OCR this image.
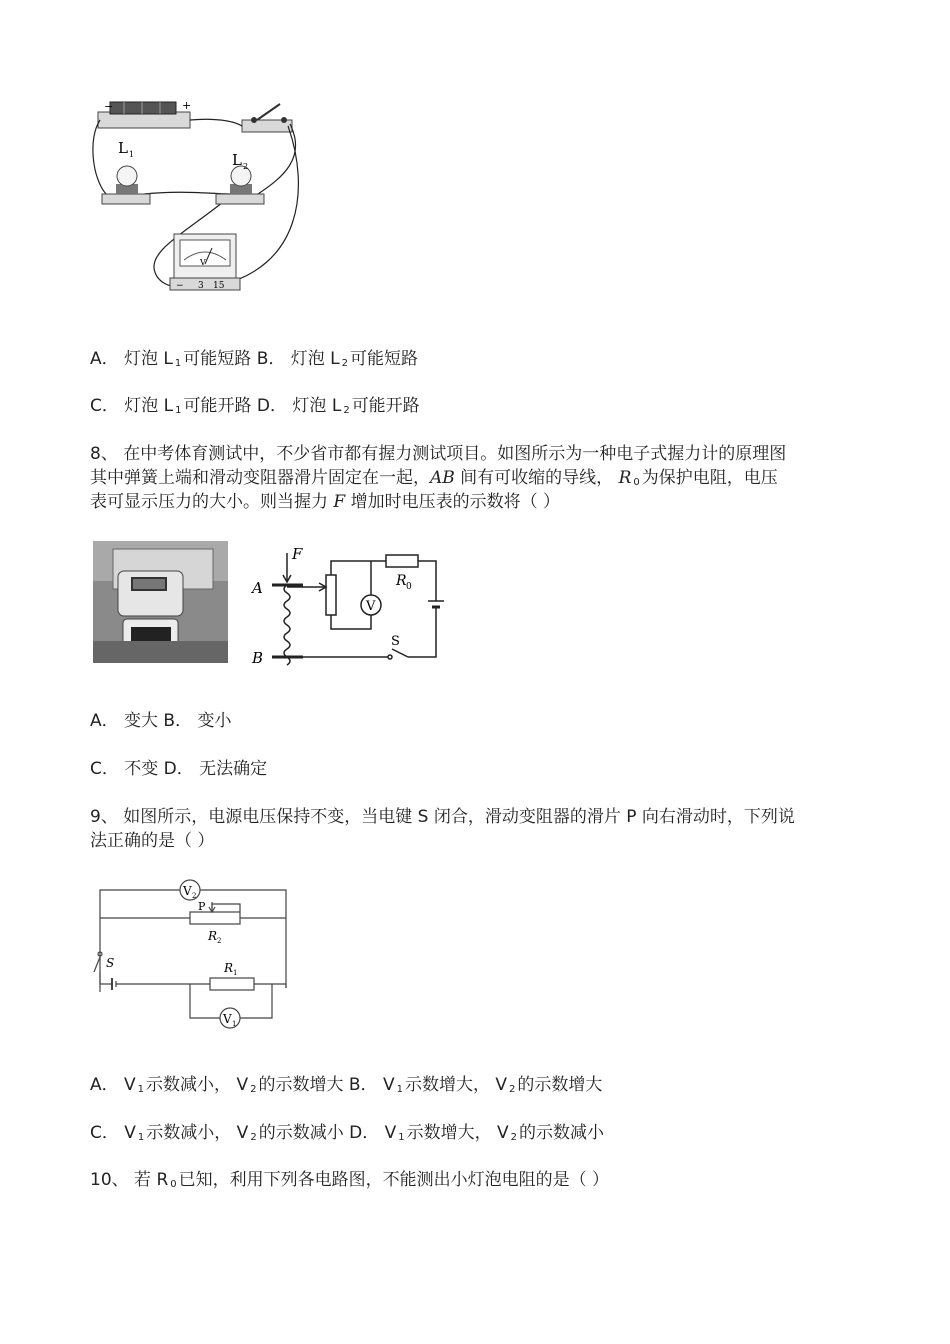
−	+
L 1	L 2
V
− 3 15
A． 灯泡 L 1 可能短路 B． 灯泡 L 2 可能短路
C． 灯泡 L 1 可能开路 D． 灯泡 L 2 可能开路
8、 在中考体育测试中，不少省市都有握力测试项目。如图所示为一种电子式握力计的原理图
其中弹簧上端和滑动变阻器滑片固定在一起，AB 间有可收缩的导线， R $_0$ 为保护电阻，电压
表可显示压力的大小。则当握力 F 增加时电压表的示数将（ ）
F
A
B
R 0
V
S
A． 变大 B． 变小
C． 不变 D． 无法确定
9、 如图所示，电源电压保持不变，当电键 S 闭合，滑动变阻器的滑片 P 向右滑动时，下列说
法正确的是（ ）
V 2
P
R 2
S	R 1
V 1
A． V 1 示数减小， V 2 的示数增大 B． V 1 示数增大， V 2 的示数增大
C． V 1 示数减小， V 2 的示数减小 D． V 1 示数增大， V 2 的示数减小
10、 若 R $_0$ 已知，利用下列各电路图，不能测出小灯泡电阻的是（ ）
